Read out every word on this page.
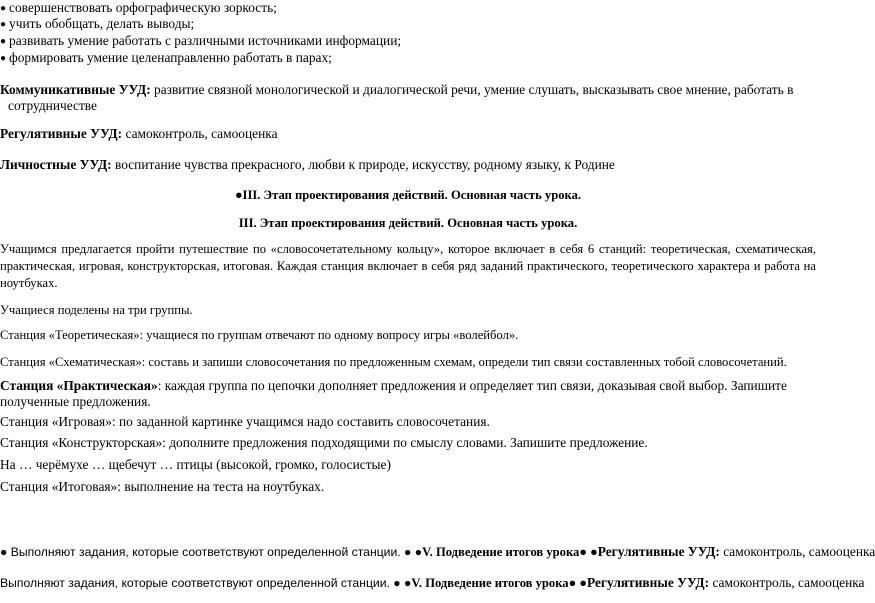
● совершенствовать орфографическую зоркость;
● учить обобщать, делать выводы;
● развивать умение работать с различными источниками информации;
● формировать умение целенаправленно работать в парах;
Коммуникативные УУД: развитие связной монологической и диалогической речи, умение слушать, высказывать свое мнение, работать в
сотрудничестве
Регулятивные УУД: самоконтроль, самооценка
Личностные УУД: воспитание чувства прекрасного, любви к природе, искусству, родному языку, к Родине
●III. Этап проектирования действий. Основная часть урока.
III. Этап проектирования действий. Основная часть урока.
Учащимся предлагается пройти путешествие по «словосочетательному кольцу», которое включает в себя 6 станций: теоретическая, схематическая, практическая, игровая, конструкторская, итоговая. Каждая станция включает в себя ряд заданий практического, теоретического характера и работа на ноутбуках.
Учащиеся поделены на три группы.
Станция «Теоретическая»: учащиеся по группам отвечают по одному вопросу игры «волейбол».
Станция «Схематическая»: составь и запиши словосочетания по предложенным схемам, определи тип связи составленных тобой словосочетаний.
Станция «Практическая»: каждая группа по цепочки дополняет предложения и определяет тип связи, доказывая свой выбор. Запишите
полученные предложения.
Станция «Игровая»: по заданной картинке учащимся надо составить словосочетания.
Станция «Конструкторская»: дополните предложения подходящими по смыслу словами. Запишите предложение.
На … черёмухе … щебечут … птицы (высокой, громко, голосистые)
Станция «Итоговая»: выполнение на теста на ноутбуках.
● Выполняют задания, которые соответствуют определенной станции. ● ●V. Подведение итогов урока● ●Регулятивные УУД: самоконтроль, самооценка
Выполняют задания, которые соответствуют определенной станции. ● ●V. Подведение итогов урока● ●Регулятивные УУД: самоконтроль, самооценка
